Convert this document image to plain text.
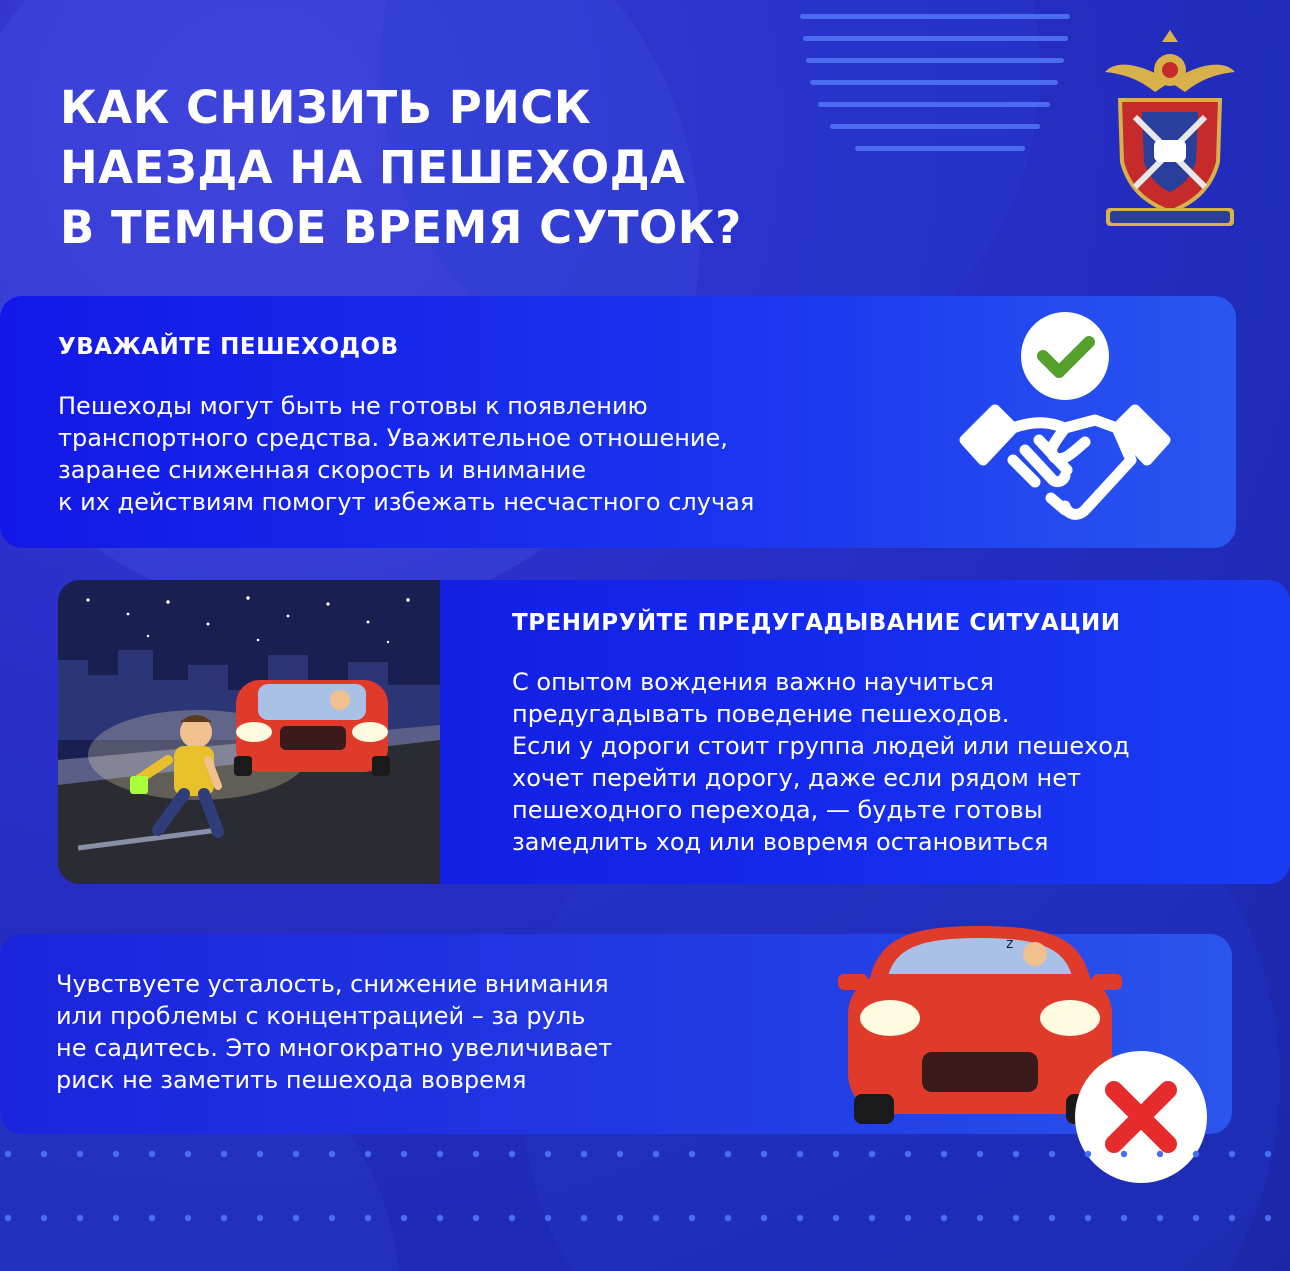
КАК СНИЗИТЬ РИСК
НАЕЗДА НА ПЕШЕХОДА
В ТЕМНОЕ ВРЕМЯ СУТОК?
УВАЖАЙТЕ ПЕШЕХОДОВ
Пешеходы могут быть не готовы к появлению
транспортного средства. Уважительное отношение,
заранее сниженная скорость и внимание
к их действиям помогут избежать несчастного случая
ТРЕНИРУЙТЕ ПРЕДУГАДЫВАНИЕ СИТУАЦИИ
С опытом вождения важно научиться
предугадывать поведение пешеходов.
Если у дороги стоит группа людей или пешеход
хочет перейти дорогу, даже если рядом нет
пешеходного перехода, — будьте готовы
замедлить ход или вовремя остановиться
Чувствуете усталость, снижение внимания
или проблемы с концентрацией – за руль
не садитесь. Это многократно увеличивает
риск не заметить пешехода вовремя
z
